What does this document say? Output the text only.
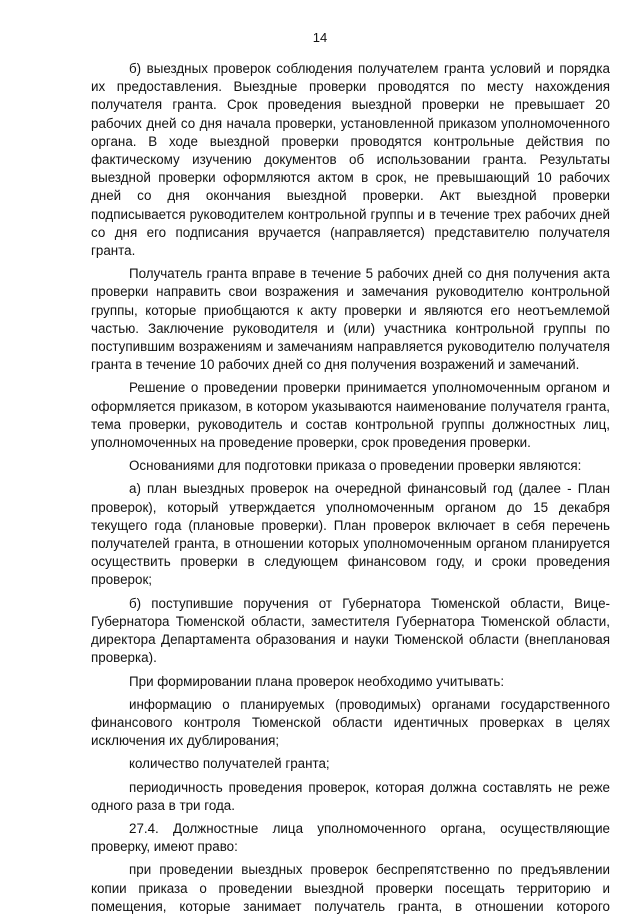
14

б) выездных проверок соблюдения получателем гранта условий и порядка их предоставления. Выездные проверки проводятся по месту нахождения получателя гранта. Срок проведения выездной проверки не превышает 20 рабочих дней со дня начала проверки, установленной приказом уполномоченного органа. В ходе выездной проверки проводятся контрольные действия по фактическому изучению документов об использовании гранта. Результаты выездной проверки оформляются актом в срок, не превышающий 10 рабочих дней со дня окончания выездной проверки. Акт выездной проверки подписывается руководителем контрольной группы и в течение трех рабочих дней со дня его подписания вручается (направляется) представителю получателя гранта.

Получатель гранта вправе в течение 5 рабочих дней со дня получения акта проверки направить свои возражения и замечания руководителю контрольной группы, которые приобщаются к акту проверки и являются его неотъемлемой частью. Заключение руководителя и (или) участника контрольной группы по поступившим возражениям и замечаниям направляется руководителю получателя гранта в течение 10 рабочих дней со дня получения возражений и замечаний.

Решение о проведении проверки принимается уполномоченным органом и оформляется приказом, в котором указываются наименование получателя гранта, тема проверки, руководитель и состав контрольной группы должностных лиц, уполномоченных на проведение проверки, срок проведения проверки.

Основаниями для подготовки приказа о проведении проверки являются:

а) план выездных проверок на очередной финансовый год (далее - План проверок), который утверждается уполномоченным органом до 15 декабря текущего года (плановые проверки). План проверок включает в себя перечень получателей гранта, в отношении которых уполномоченным органом планируется осуществить проверки в следующем финансовом году, и сроки проведения проверок;

б) поступившие поручения от Губернатора Тюменской области, Вице-Губернатора Тюменской области, заместителя Губернатора Тюменской области, директора Департамента образования и науки Тюменской области (внеплановая проверка).

При формировании плана проверок необходимо учитывать:

информацию о планируемых (проводимых) органами государственного финансового контроля Тюменской области идентичных проверках в целях исключения их дублирования;

количество получателей гранта;

периодичность проведения проверок, которая должна составлять не реже одного раза в три года.

27.4. Должностные лица уполномоченного органа, осуществляющие проверку, имеют право:

при проведении выездных проверок беспрепятственно по предъявлении копии приказа о проведении выездной проверки посещать территорию и помещения, которые занимает получатель гранта, в отношении которого
